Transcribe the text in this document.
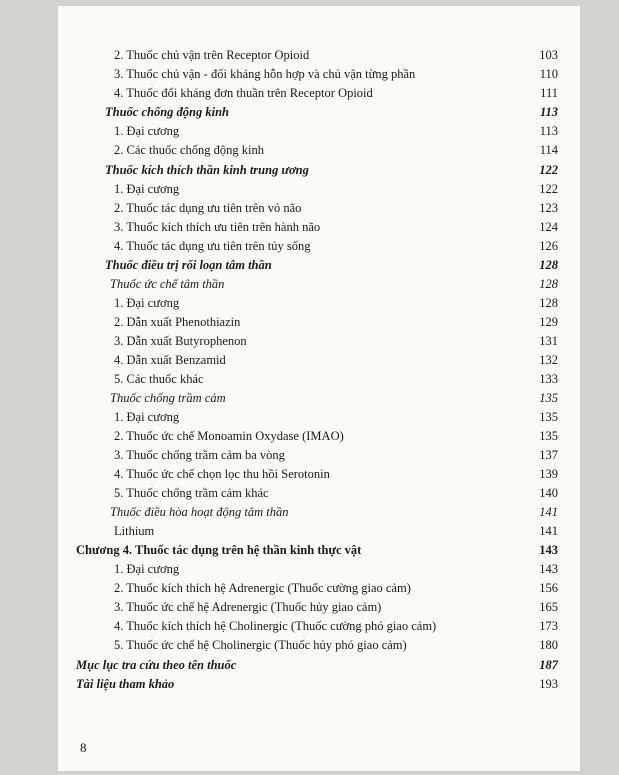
2. Thuốc chủ vận trên Receptor Opioid	103
3. Thuốc chủ vận - đối kháng hỗn hợp và chủ vận từng phần	110
4. Thuốc đối kháng đơn thuần trên Receptor Opioid	111
Thuốc chống động kinh	113
1. Đại cương	113
2. Các thuốc chống động kinh	114
Thuốc kích thích thần kinh trung ương	122
1. Đại cương	122
2. Thuốc tác dụng ưu tiên trên vỏ não	123
3. Thuốc kích thích ưu tiên trên hành não	124
4. Thuốc tác dụng ưu tiên trên tủy sống	126
Thuốc điều trị rối loạn tâm thần	128
Thuốc ức chế tâm thần	128
1. Đại cương	128
2. Dẫn xuất Phenothiazin	129
3. Dẫn xuất Butyrophenon	131
4. Dẫn xuất Benzamid	132
5. Các thuốc khác	133
Thuốc chống trầm cảm	135
1. Đại cương	135
2. Thuốc ức chế Monoamin Oxydase (IMAO)	135
3. Thuốc chống trầm cảm ba vòng	137
4. Thuốc ức chế chọn lọc thu hồi Serotonin	139
5. Thuốc chống trầm cảm khác	140
Thuốc điều hòa hoạt động tâm thần	141
Lithium	141
Chương 4. Thuốc tác dụng trên hệ thần kinh thực vật	143
1. Đại cương	143
2. Thuốc kích thích hệ Adrenergic (Thuốc cường giao cảm)	156
3. Thuốc ức chế hệ Adrenergic (Thuốc hủy giao cảm)	165
4. Thuốc kích thích hệ Cholinergic (Thuốc cường phó giao cảm)	173
5. Thuốc ức chế hệ Cholinergic (Thuốc hủy phó giao cảm)	180
Mục lục tra cứu theo tên thuốc	187
Tài liệu tham khảo	193
8
